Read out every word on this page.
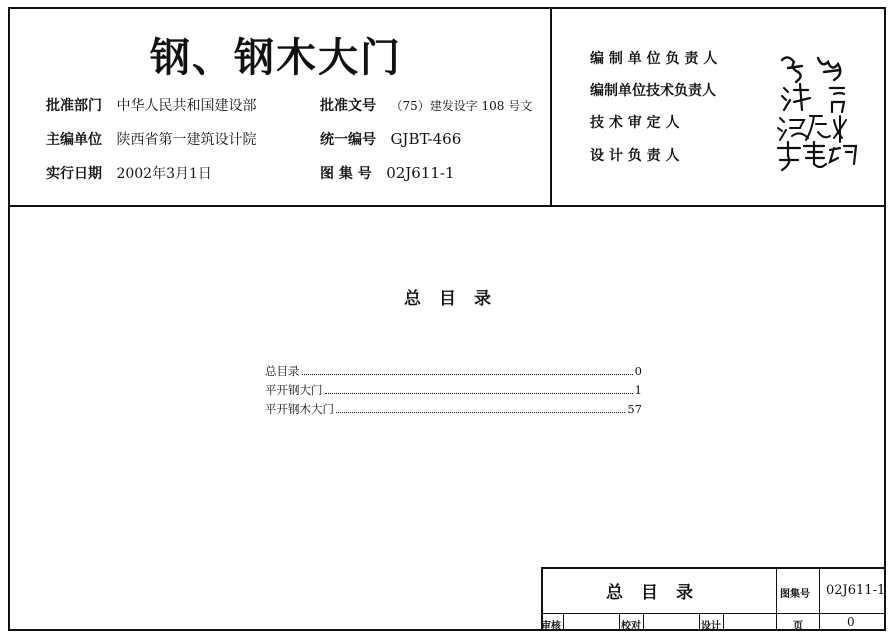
钢、钢木大门
批准部门 中华人民共和国建设部
主编单位 陕西省第一建筑设计院
实行日期 2002年3月1日
批准文号 （75）建发设字 108 号文
统一编号 GJBT-466
图 集 号 02J611-1
编 制 单 位 负 责 人
编制单位技术负责人
技 术 审 定 人
设 计 负 责 人
总目录
总目录	0
平开钢大门	1
平开钢木大门	57
总目录	图集号 02J611-1
审核	校对	设计	页	0
